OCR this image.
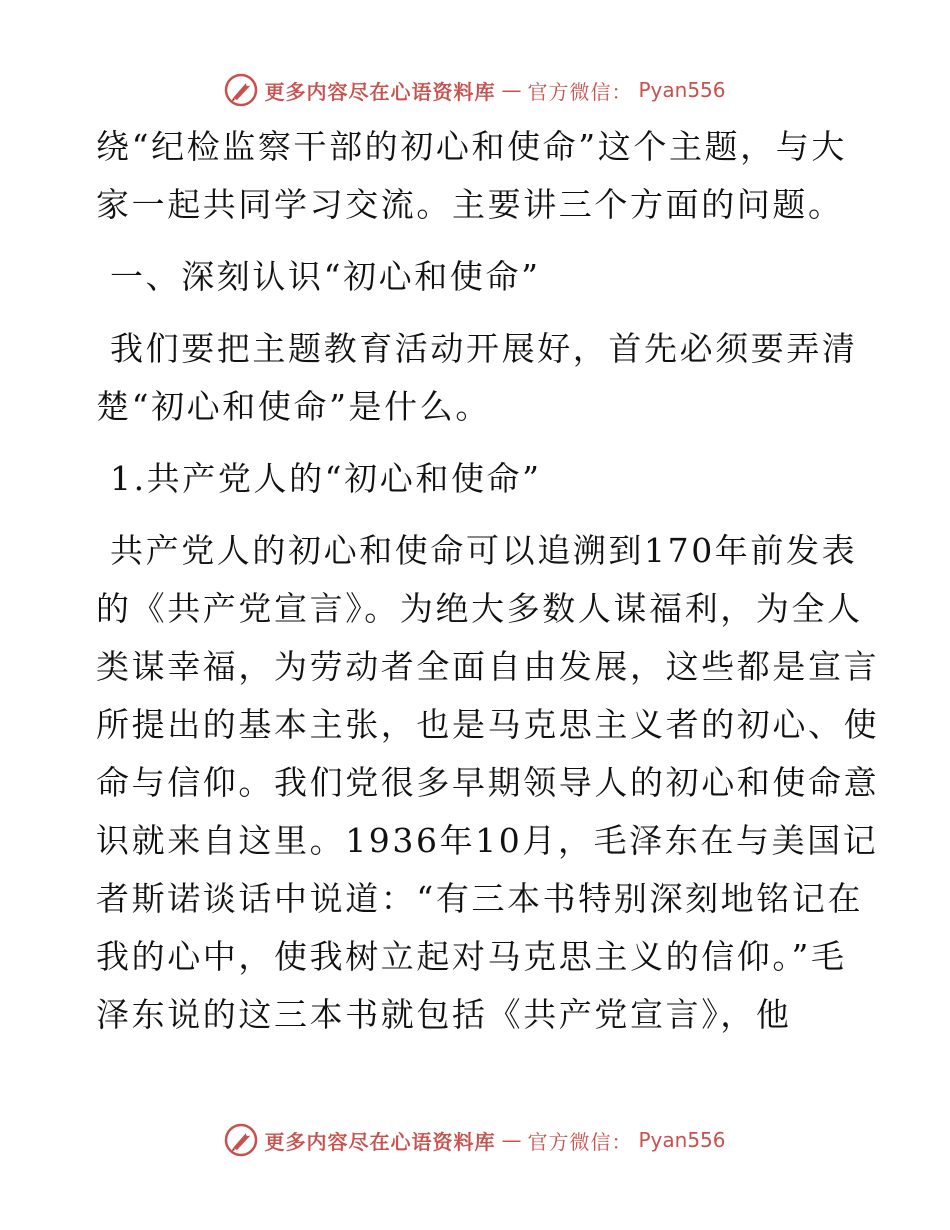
更多内容尽在心语资料库 — 官方微信： Pyan556
绕“纪检监察干部的初心和使命”这个主题，与大
家一起共同学习交流。主要讲三个方面的问题。
一、深刻认识“初心和使命”
我们要把主题教育活动开展好，首先必须要弄清
楚“初心和使命”是什么。
1.共产党人的“初心和使命”
共产党人的初心和使命可以追溯到170年前发表
的《共产党宣言》。为绝大多数人谋福利，为全人
类谋幸福，为劳动者全面自由发展，这些都是宣言
所提出的基本主张，也是马克思主义者的初心、使
命与信仰。我们党很多早期领导人的初心和使命意
识就来自这里。1936年10月，毛泽东在与美国记
者斯诺谈话中说道：“有三本书特别深刻地铭记在
我的心中，使我树立起对马克思主义的信仰。”毛
泽东说的这三本书就包括《共产党宣言》，他
更多内容尽在心语资料库 — 官方微信： Pyan556
